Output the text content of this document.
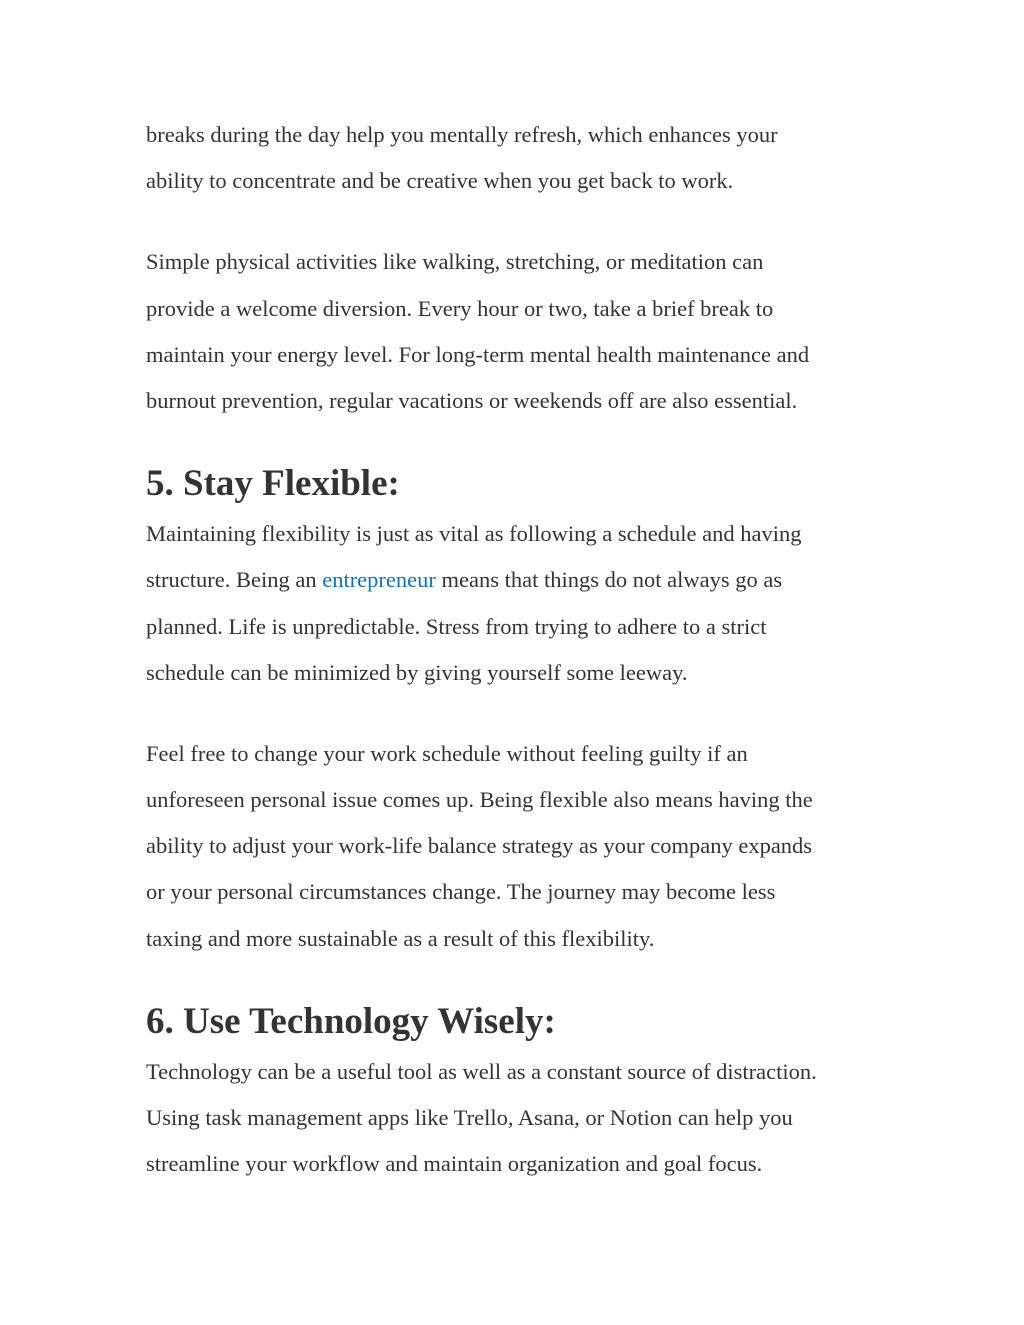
breaks during the day help you mentally refresh, which enhances your

ability to concentrate and be creative when you get back to work.

Simple physical activities like walking, stretching, or meditation can

provide a welcome diversion. Every hour or two, take a brief break to

maintain your energy level. For long-term mental health maintenance and

burnout prevention, regular vacations or weekends off are also essential.

5. Stay Flexible:

Maintaining flexibility is just as vital as following a schedule and having

structure. Being an entrepreneur means that things do not always go as

planned. Life is unpredictable. Stress from trying to adhere to a strict

schedule can be minimized by giving yourself some leeway.

Feel free to change your work schedule without feeling guilty if an

unforeseen personal issue comes up. Being flexible also means having the

ability to adjust your work-life balance strategy as your company expands

or your personal circumstances change. The journey may become less

taxing and more sustainable as a result of this flexibility.

6. Use Technology Wisely:

Technology can be a useful tool as well as a constant source of distraction.

Using task management apps like Trello, Asana, or Notion can help you

streamline your workflow and maintain organization and goal focus.
